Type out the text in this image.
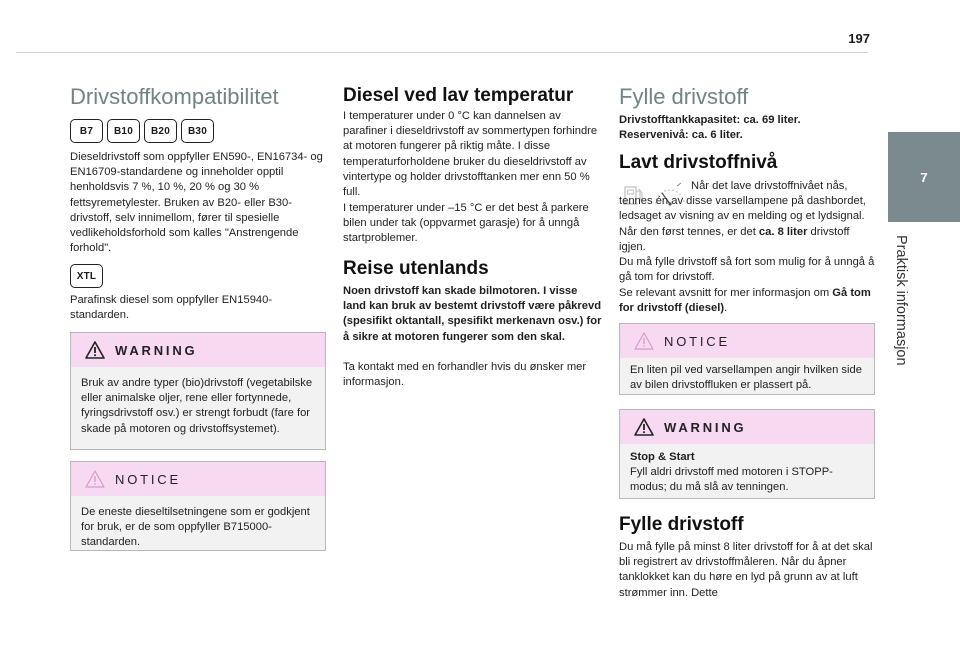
197
7
Praktisk informasjon
Drivstoffkompatibilitet
B7	B10	B20	B30
Dieseldrivstoff som oppfyller EN590-, EN16734- og EN16709-standardene og inneholder opptil henholdsvis 7 %, 10 %, 20 % og 30 % fettsyremetylester. Bruken av B20- eller B30-drivstoff, selv innimellom, fører til spesielle vedlikeholdsforhold som kalles "Anstrengende forhold".
XTL
Parafinsk diesel som oppfyller EN15940-standarden.
WARNING
Bruk av andre typer (bio)drivstoff (vegetabilske eller animalske oljer, rene eller fortynnede, fyringsdrivstoff osv.) er strengt forbudt (fare for skade på motoren og drivstoffsystemet).
NOTICE
De eneste dieseltilsetningene som er godkjent for bruk, er de som oppfyller B715000-standarden.
Diesel ved lav temperatur
I temperaturer under 0 °C kan dannelsen av parafiner i dieseldrivstoff av sommertypen forhindre at motoren fungerer på riktig måte. I disse temperaturforholdene bruker du dieseldrivstoff av vintertype og holder drivstofftanken mer enn 50 % full.
I temperaturer under –15 °C er det best å parkere bilen under tak (oppvarmet garasje) for å unngå startproblemer.
Reise utenlands
Noen drivstoff kan skade bilmotoren. I visse land kan bruk av bestemt drivstoff være påkrevd (spesifikt oktantall, spesifikt merkenavn osv.) for å sikre at motoren fungerer som den skal.
Ta kontakt med en forhandler hvis du ønsker mer informasjon.
Fylle drivstoff
Drivstofftankkapasitet: ca. 69 liter.
Reservenivå: ca. 6 liter.
Lavt drivstoffnivå
Når det lave drivstoffnivået nås, tennes én av disse varsellampene på dashbordet, ledsaget av visning av en melding og et lydsignal. Når den først tennes, er det ca. 8 liter drivstoff igjen.
Du må fylle drivstoff så fort som mulig for å unngå å gå tom for drivstoff.
Se relevant avsnitt for mer informasjon om Gå tom for drivstoff (diesel).
NOTICE
En liten pil ved varsellampen angir hvilken side av bilen drivstoffluken er plassert på.
WARNING
Stop & Start
Fyll aldri drivstoff med motoren i STOPP-modus; du må slå av tenningen.
Fylle drivstoff
Du må fylle på minst 8 liter drivstoff for å at det skal bli registrert av drivstoffmåleren. Når du åpner tanklokket kan du høre en lyd på grunn av at luft strømmer inn. Dette
